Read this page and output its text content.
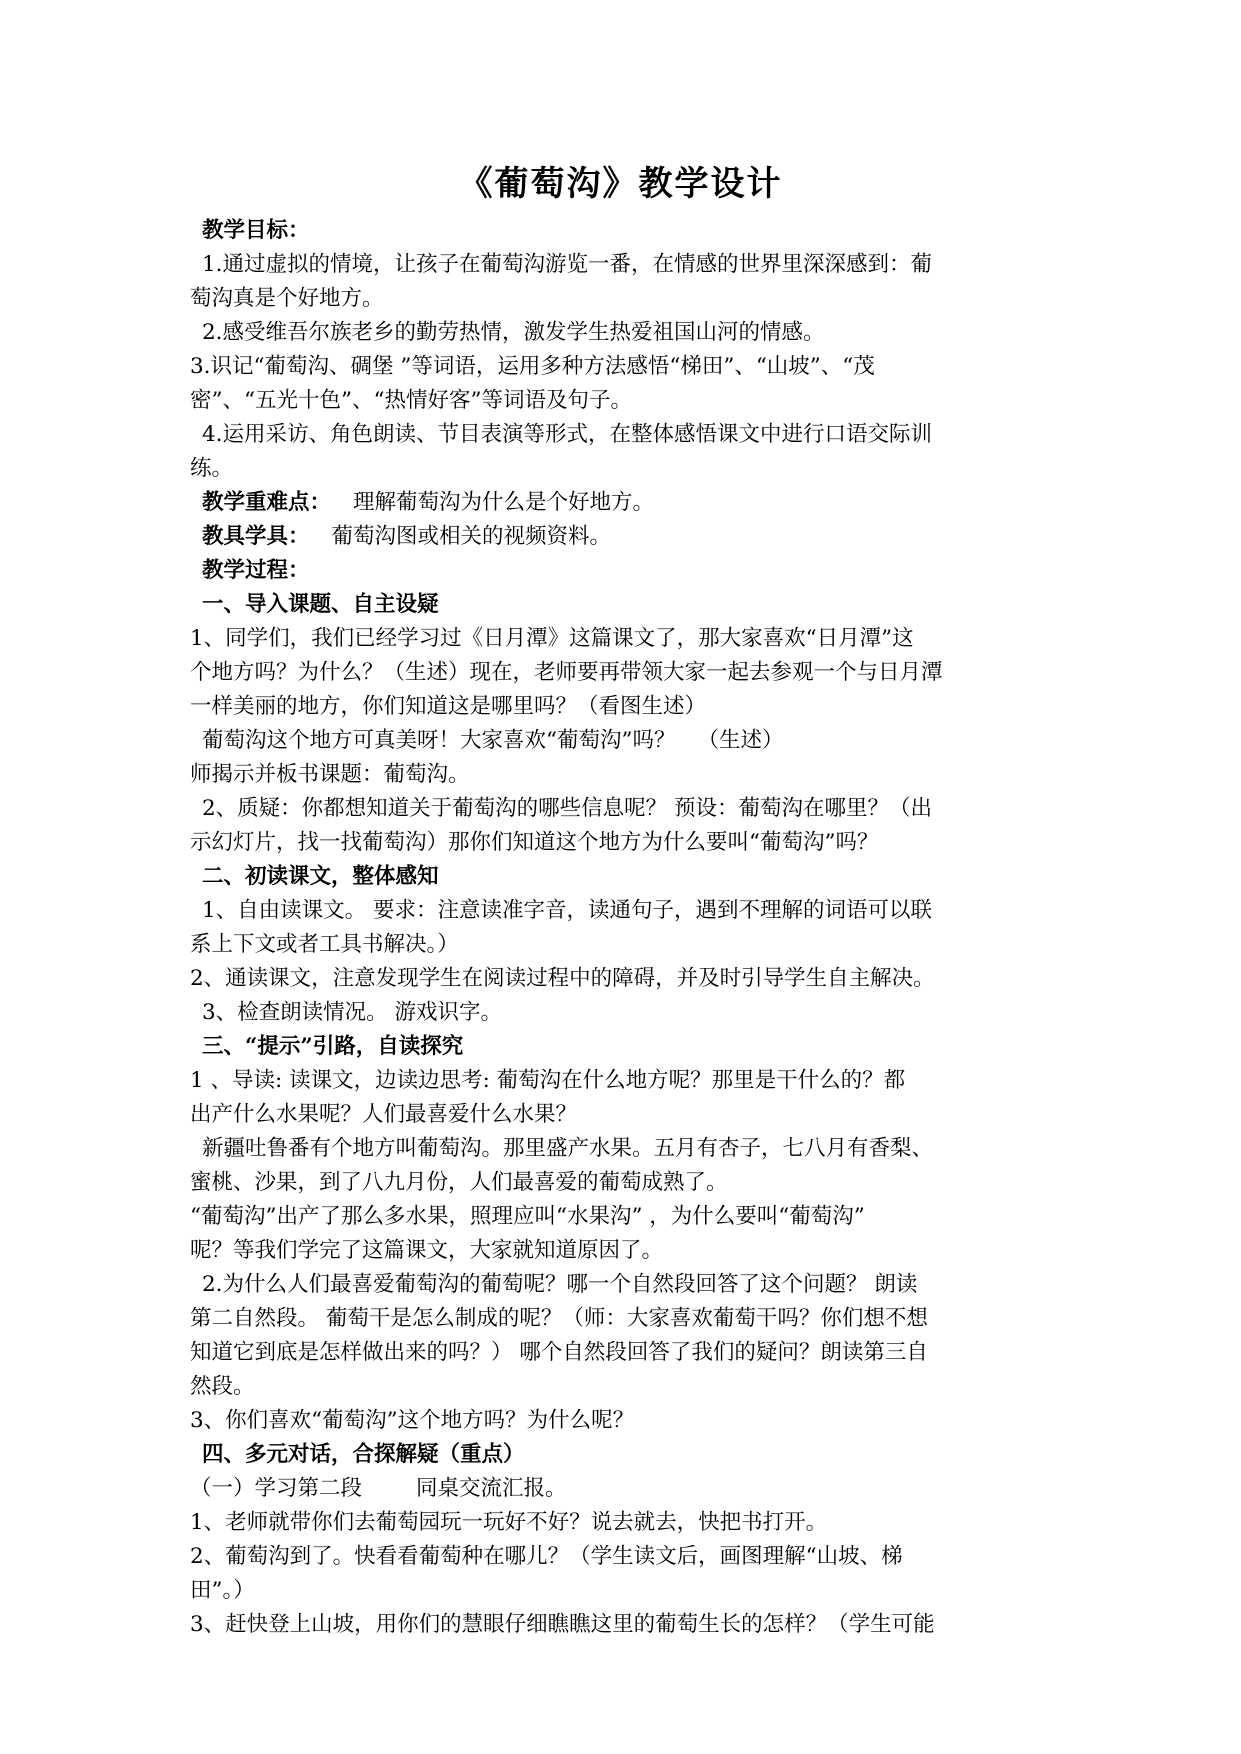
《葡萄沟》教学设计
教学目标：
1.通过虚拟的情境，让孩子在葡萄沟游览一番，在情感的世界里深深感到：葡
萄沟真是个好地方。
2.感受维吾尔族老乡的勤劳热情，激发学生热爱祖国山河的情感。
3.识记“葡萄沟、碉堡 ”等词语，运用多种方法感悟“梯田”、“山坡”、“茂
密”、“五光十色”、“热情好客”等词语及句子。
4.运用采访、角色朗读、节目表演等形式，在整体感悟课文中进行口语交际训
练。
教学重难点： 理解葡萄沟为什么是个好地方。
教具学具： 葡萄沟图或相关的视频资料。
教学过程：
一、导入课题、自主设疑
1、同学们，我们已经学习过《日月潭》这篇课文了，那大家喜欢“日月潭”这
个地方吗？为什么？（生述）现在，老师要再带领大家一起去参观一个与日月潭
一样美丽的地方，你们知道这是哪里吗？（看图生述）
葡萄沟这个地方可真美呀！大家喜欢“葡萄沟”吗？ （生述）
师揭示并板书课题：葡萄沟。
2、质疑：你都想知道关于葡萄沟的哪些信息呢？ 预设：葡萄沟在哪里？（出
示幻灯片，找一找葡萄沟）那你们知道这个地方为什么要叫“葡萄沟”吗？
二、初读课文，整体感知
1、自由读课文。 要求：注意读准字音，读通句子，遇到不理解的词语可以联
系上下文或者工具书解决。）
2、通读课文，注意发现学生在阅读过程中的障碍，并及时引导学生自主解决。
3、检查朗读情况。 游戏识字。
三、“提示”引路，自读探究
1 、导读: 读课文，边读边思考: 葡萄沟在什么地方呢？那里是干什么的？都
出产什么水果呢？人们最喜爱什么水果？
新疆吐鲁番有个地方叫葡萄沟。那里盛产水果。五月有杏子，七八月有香梨、
蜜桃、沙果，到了八九月份，人们最喜爱的葡萄成熟了。
“葡萄沟”出产了那么多水果，照理应叫“水果沟” ，为什么要叫“葡萄沟”
呢？等我们学完了这篇课文，大家就知道原因了。
2.为什么人们最喜爱葡萄沟的葡萄呢？哪一个自然段回答了这个问题？ 朗读
第二自然段。 葡萄干是怎么制成的呢？（师：大家喜欢葡萄干吗？你们想不想
知道它到底是怎样做出来的吗？） 哪个自然段回答了我们的疑问？朗读第三自
然段。
3、你们喜欢“葡萄沟”这个地方吗？为什么呢？
四、多元对话，合探解疑（重点）
（一）学习第二段	同桌交流汇报。
1、老师就带你们去葡萄园玩一玩好不好？说去就去，快把书打开。
2、葡萄沟到了。快看看葡萄种在哪儿？（学生读文后，画图理解“山坡、梯
田”。）
3、赶快登上山坡，用你们的慧眼仔细瞧瞧这里的葡萄生长的怎样？（学生可能
